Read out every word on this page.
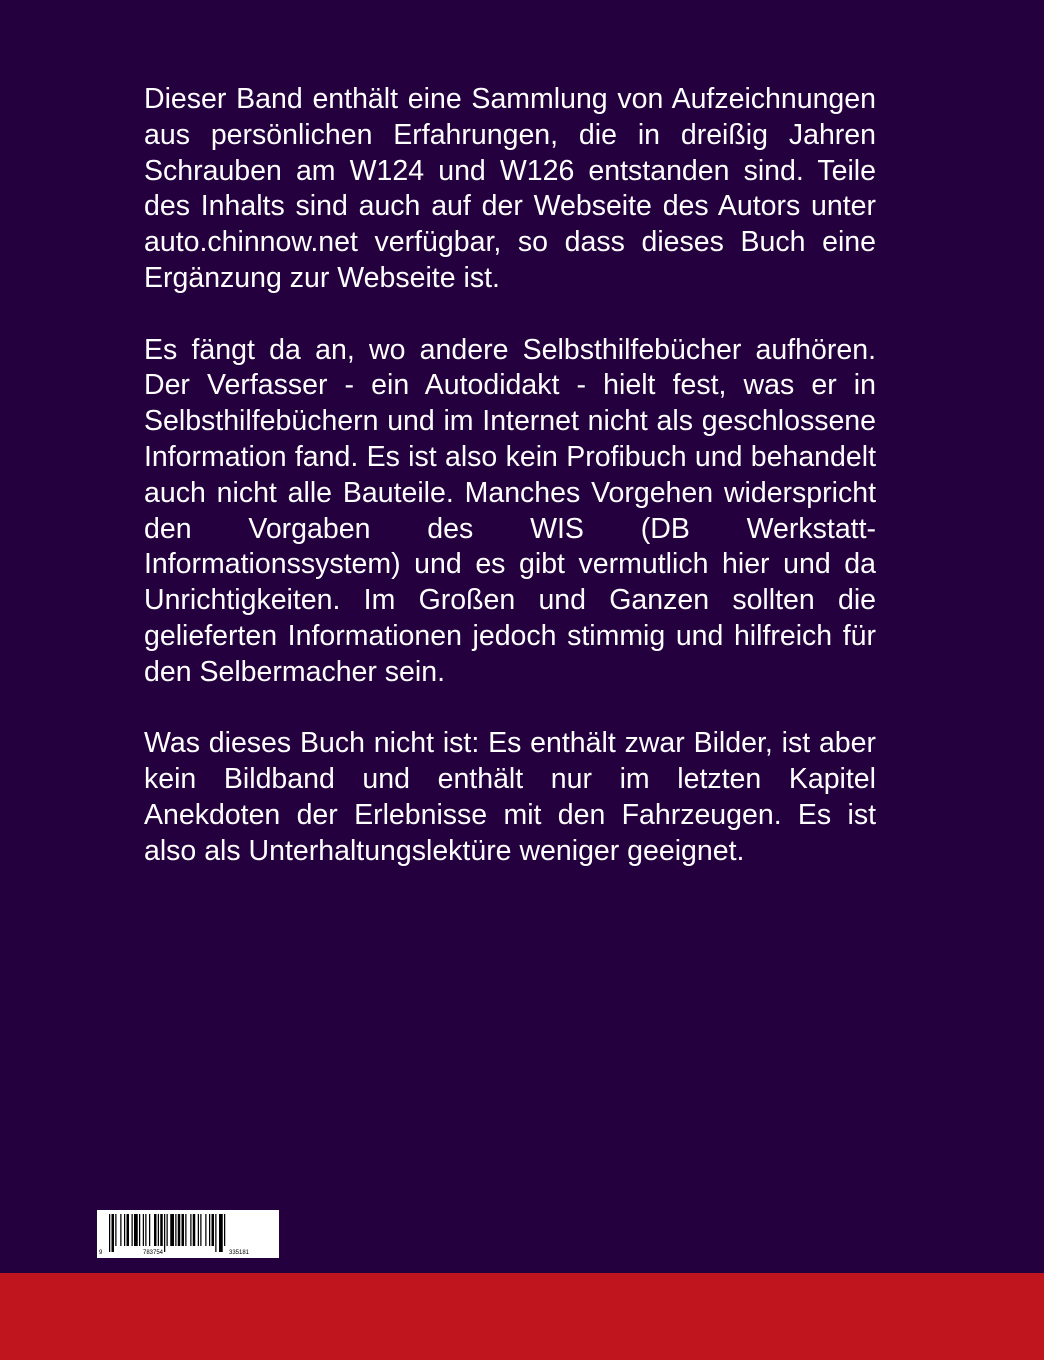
Dieser Band enthält eine Sammlung von Aufzeichnungen aus persönlichen Erfahrungen, die in dreißig Jahren Schrauben am W124 und W126 entstanden sind. Teile des Inhalts sind auch auf der Webseite des Autors unter auto.chinnow.net verfügbar, so dass dieses Buch eine Ergänzung zur Webseite ist.

Es fängt da an, wo andere Selbsthilfebücher aufhören. Der Verfasser - ein Autodidakt - hielt fest, was er in Selbsthilfebüchern und im Internet nicht als geschlossene Information fand. Es ist also kein Profibuch und behandelt auch nicht alle Bauteile. Manches Vorgehen widerspricht den Vorgaben des WIS (DB Werkstatt-Informationssystem) und es gibt vermutlich hier und da Unrichtigkeiten. Im Großen und Ganzen sollten die gelieferten Informationen jedoch stimmig und hilfreich für den Selbermacher sein.

Was dieses Buch nicht ist: Es enthält zwar Bilder, ist aber kein Bildband und enthält nur im letzten Kapitel Anekdoten der Erlebnisse mit den Fahrzeugen. Es ist also als Unterhaltungslektüre weniger geeignet.

9	783754	335181
